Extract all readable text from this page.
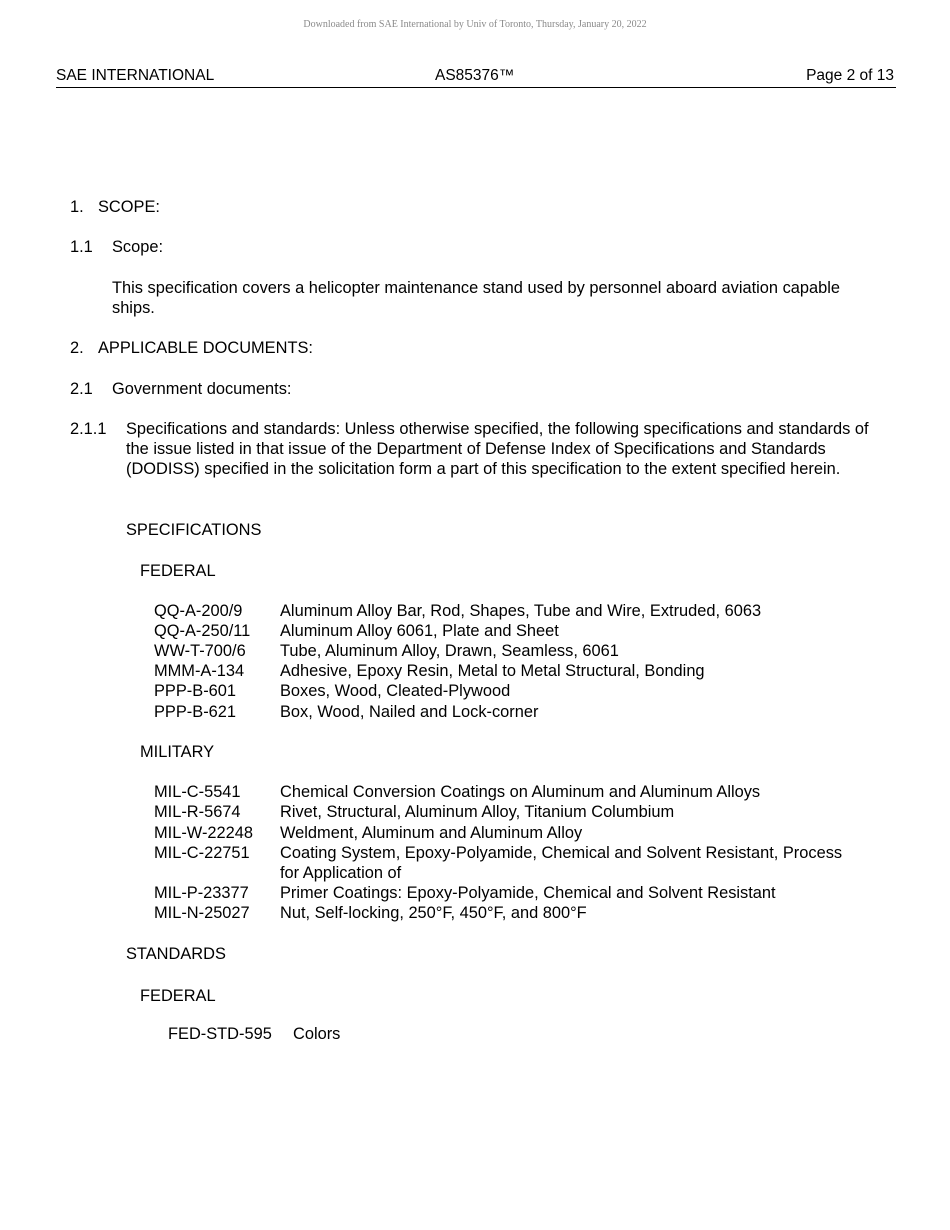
Downloaded from SAE International by Univ of Toronto, Thursday, January 20, 2022
SAE INTERNATIONAL	AS85376™	Page 2 of 13
1. SCOPE:
1.1 Scope:
This specification covers a helicopter maintenance stand used by personnel aboard aviation capable ships.
2. APPLICABLE DOCUMENTS:
2.1 Government documents:
2.1.1 Specifications and standards: Unless otherwise specified, the following specifications and standards of the issue listed in that issue of the Department of Defense Index of Specifications and Standards (DODISS) specified in the solicitation form a part of this specification to the extent specified herein.
SPECIFICATIONS
FEDERAL
QQ-A-200/9 Aluminum Alloy Bar, Rod, Shapes, Tube and Wire, Extruded, 6063
QQ-A-250/11 Aluminum Alloy 6061, Plate and Sheet
WW-T-700/6 Tube, Aluminum Alloy, Drawn, Seamless, 6061
MMM-A-134 Adhesive, Epoxy Resin, Metal to Metal Structural, Bonding
PPP-B-601	Boxes, Wood, Cleated-Plywood
PPP-B-621	Box, Wood, Nailed and Lock-corner
MILITARY
MIL-C-5541 Chemical Conversion Coatings on Aluminum and Aluminum Alloys
MIL-R-5674 Rivet, Structural, Aluminum Alloy, Titanium Columbium
MIL-W-22248 Weldment, Aluminum and Aluminum Alloy
MIL-C-22751 Coating System, Epoxy-Polyamide, Chemical and Solvent Resistant, Process
for Application of
MIL-P-23377 Primer Coatings: Epoxy-Polyamide, Chemical and Solvent Resistant
MIL-N-25027 Nut, Self-locking, 250°F, 450°F, and 800°F
STANDARDS
FEDERAL
FED-STD-595 Colors
